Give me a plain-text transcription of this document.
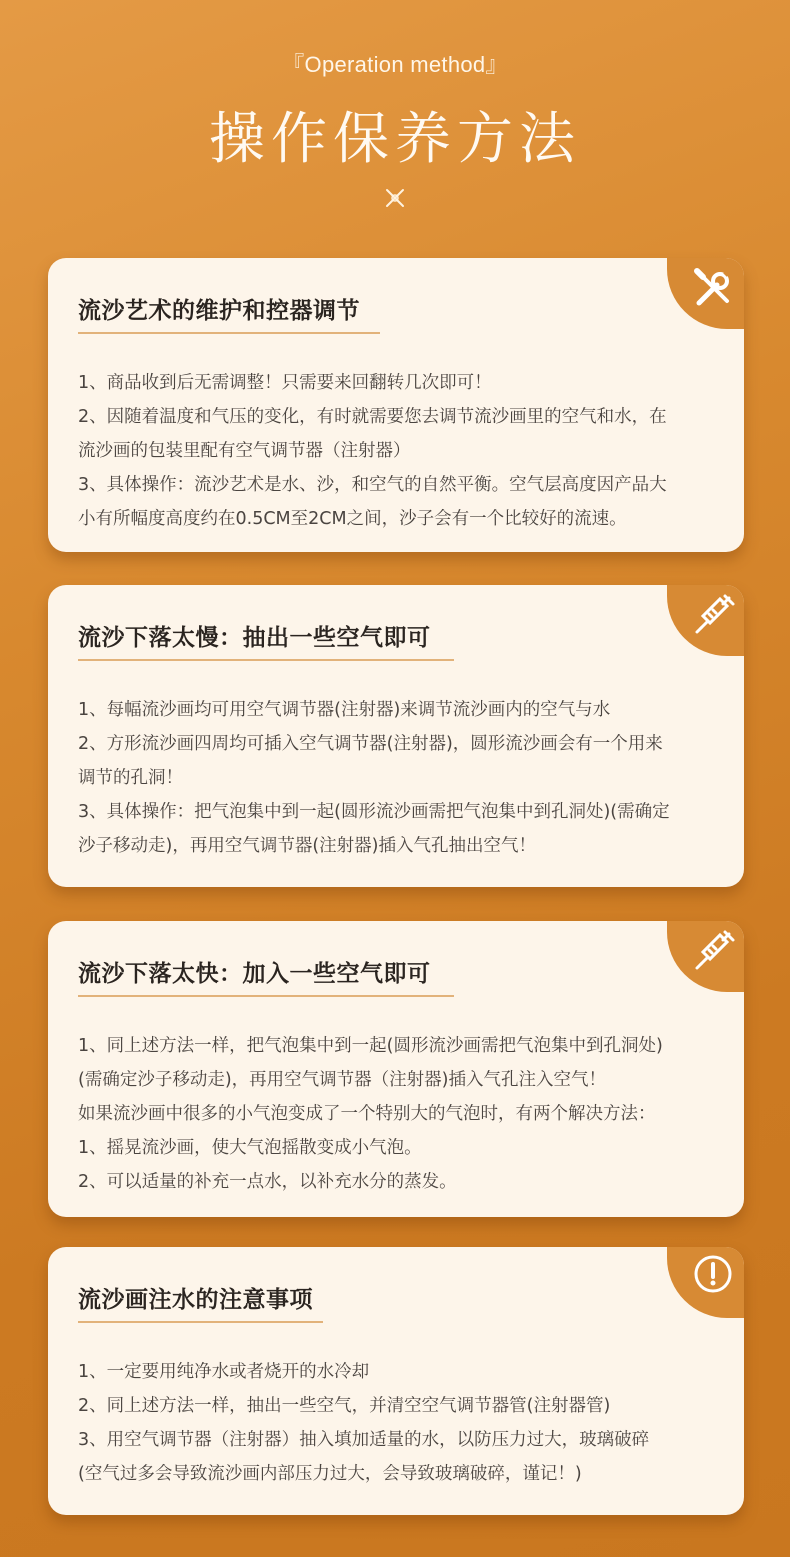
『Operation method』
操作保养方法
流沙艺术的维护和控器调节

1、商品收到后无需调整！只需要来回翻转几次即可！

2、因随着温度和气压的变化，有时就需要您去调节流沙画里的空气和水，在

流沙画的包装里配有空气调节器（注射器）

3、具体操作：流沙艺术是水、沙，和空气的自然平衡。空气层高度因产品大

小有所幅度高度约在0.5CM至2CM之间，沙子会有一个比较好的流速。

流沙下落太慢：抽出一些空气即可

1、每幅流沙画均可用空气调节器(注射器)来调节流沙画内的空气与水

2、方形流沙画四周均可插入空气调节器(注射器)，圆形流沙画会有一个用来

调节的孔洞！

3、具体操作：把气泡集中到一起(圆形流沙画需把气泡集中到孔洞处)(需确定

沙子移动走)，再用空气调节器(注射器)插入气孔抽出空气！

流沙下落太快：加入一些空气即可

1、同上述方法一样，把气泡集中到一起(圆形流沙画需把气泡集中到孔洞处)

(需确定沙子移动走)，再用空气调节器（注射器)插入气孔注入空气！

如果流沙画中很多的小气泡变成了一个特别大的气泡时，有两个解决方法：

1、摇晃流沙画，使大气泡摇散变成小气泡。

2、可以适量的补充一点水，以补充水分的蒸发。

流沙画注水的注意事项

1、一定要用纯净水或者烧开的水冷却

2、同上述方法一样，抽出一些空气，并清空空气调节器管(注射器管)

3、用空气调节器（注射器）抽入填加适量的水，以防压力过大，玻璃破碎

(空气过多会导致流沙画内部压力过大，会导致玻璃破碎，谨记！)
